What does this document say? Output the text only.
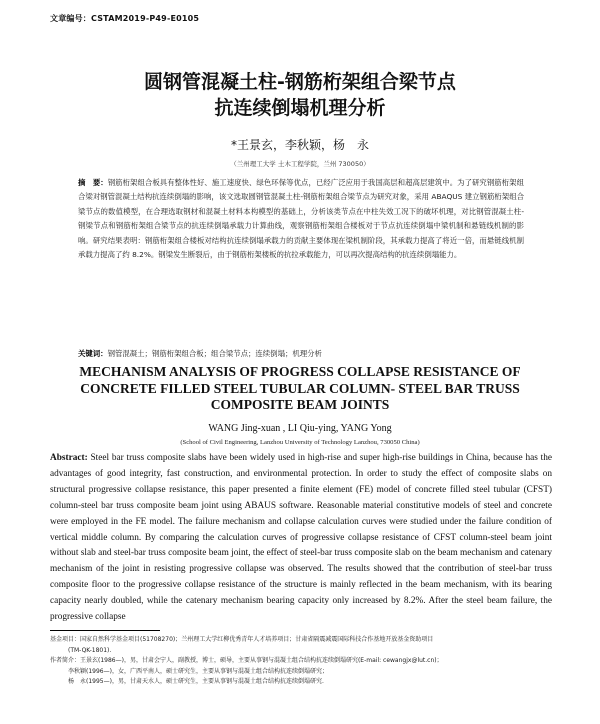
文章编号：CSTAM2019-P49-E0105
圆钢管混凝土柱-钢筋桁架组合梁节点
抗连续倒塌机理分析
*王景玄，李秋颖，杨　永
（兰州理工大学 土木工程学院，兰州 730050）
摘　要：钢筋桁架组合板具有整体性好、施工速度快、绿色环保等优点，已经广泛应用于我国高层和超高层建筑中。为了研究钢筋桁架组合梁对钢管混凝土结构抗连续倒塌的影响，该文选取圆钢管混凝土柱-钢筋桁架组合梁节点为研究对象，采用 ABAQUS 建立钢筋桁架组合梁节点的数值模型，在合理选取钢材和混凝土材料本构模型的基础上，分析该类节点在中柱失效工况下的破坏机理，对比钢管混凝土柱-钢梁节点和钢筋桁架组合梁节点的抗连续倒塌承载力计算曲线，观察钢筋桁架组合楼板对于节点抗连续倒塌中梁机制和悬链线机制的影响。研究结果表明：钢筋桁架组合楼板对结构抗连续倒塌承载力的贡献主要体现在梁机制阶段，其承载力提高了将近一倍，而悬链线机制承载力提高了约 8.2%。钢梁发生断裂后，由于钢筋桁架楼板的抗拉承载能力，可以再次提高结构的抗连续倒塌能力。
关键词：钢管混凝土；钢筋桁架组合板；组合梁节点；连续倒塌；机理分析
MECHANISM ANALYSIS OF PROGRESS COLLAPSE RESISTANCE OF
CONCRETE FILLED STEEL TUBULAR COLUMN- STEEL BAR TRUSS
COMPOSITE BEAM JOINTS
WANG Jing-xuan , LI Qiu-ying, YANG Yong
(School of Civil Engineering, Lanzhou University of Technology Lanzhou, 730050 China)
Abstract: Steel bar truss composite slabs have been widely used in high-rise and super high-rise buildings in China, because has the advantages of good integrity, fast construction, and environmental protection. In order to study the effect of composite slabs on structural progressive collapse resistance, this paper presented a finite element (FE) model of concrete filled steel tubular (CFST) column-steel bar truss composite beam joint using ABAUS software. Reasonable material constitutive models of steel and concrete were employed in the FE model. The failure mechanism and collapse calculation curves were studied under the failure condition of vertical middle column. By comparing the calculation curves of progressive collapse resistance of CFST column-steel beam joint without slab and steel-bar truss composite beam joint, the effect of steel-bar truss composite slab on the beam mechanism and catenary mechanism of the joint in resisting progressive collapse was observed. The results showed that the contribution of steel-bar truss composite floor to the progressive collapse resistance of the structure is mainly reflected in the beam mechanism, with its bearing capacity nearly doubled, while the catenary mechanism bearing capacity only increased by 8.2%. After the steel beam failure, the progressive collapse
基金项目：国家自然科学基金项目(51708270)；兰州理工大学红柳优秀青年人才培养项目；甘肃省隔震减震国际科技合作基地开放基金资助项目
(TM-QK-1801).
作者简介：王景玄(1986—)，男，甘肃会宁人，副教授，博士，硕导，主要从事钢与混凝土组合结构抗连续倒塌研究(E-mail: cewangjx@lut.cn)；
李秋颖(1996—)，女，广西平南人，硕士研究生，主要从事钢与混凝土组合结构抗连续倒塌研究；
杨　永(1995—)，男，甘肃天水人，硕士研究生，主要从事钢与混凝土组合结构抗连续倒塌研究.
